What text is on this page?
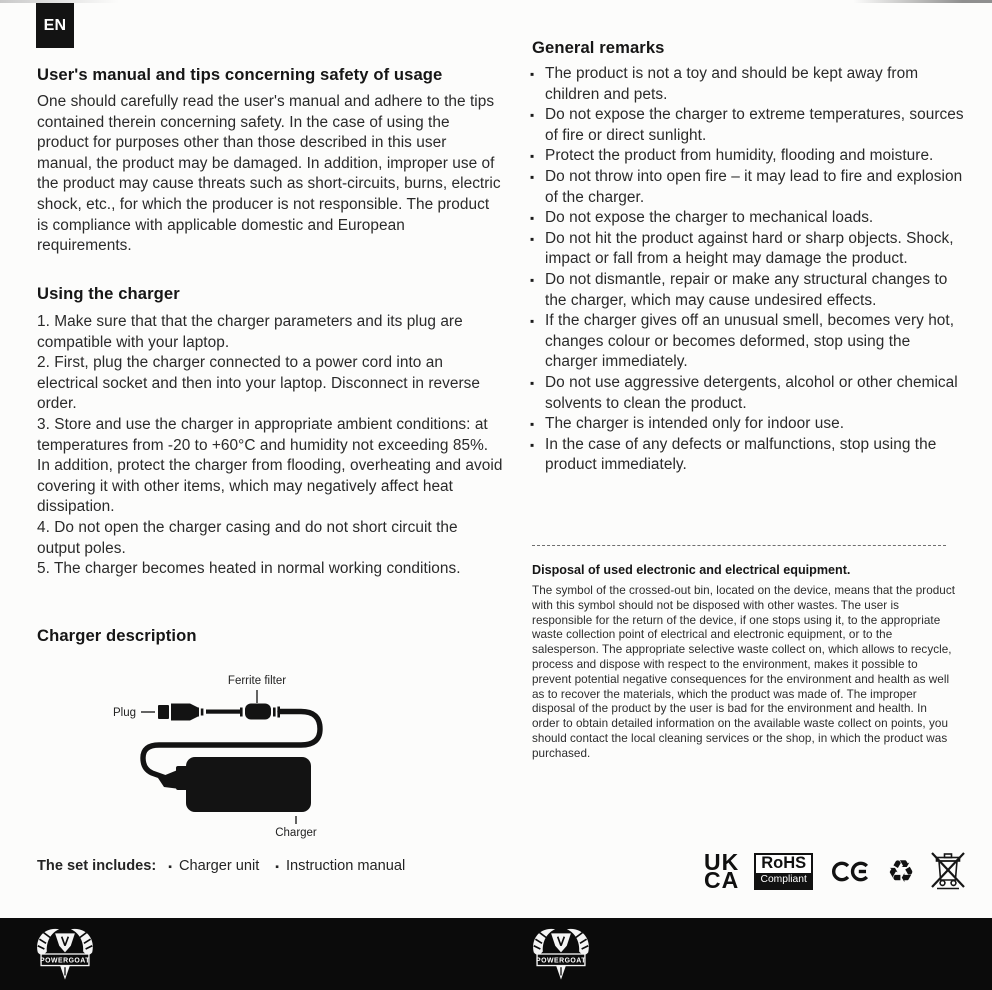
EN
User's manual and tips concerning safety of usage

One should carefully read the user's manual and adhere to the tips contained therein concerning safety. In the case of using the product for purposes other than those described in this user manual, the product may be damaged. In addition, improper use of the product may cause threats such as short-circuits, burns, electric shock, etc., for which the producer is not responsible. The product is compliance with applicable domestic and European requirements.

Using the charger

1. Make sure that that the charger parameters and its plug are compatible with your laptop.

2. First, plug the charger connected to a power cord into an electrical socket and then into your laptop. Disconnect in reverse order.

3. Store and use the charger in appropriate ambient conditions: at temperatures from -20 to +60°C and humidity not exceeding 85%. In addition, protect the charger from flooding, overheating and avoid covering it with other items, which may negatively affect heat dissipation.

4. Do not open the charger casing and do not short circuit the output poles.

5. The charger becomes heated in normal working conditions.

Charger description
Ferrite filter
Plug
Charger
The set includes: ▪ Charger unit ▪ Instruction manual
General remarks
▪ The product is not a toy and should be kept away from children and pets.
▪ Do not expose the charger to extreme temperatures, sources of fire or direct sunlight.
▪ Protect the product from humidity, flooding and moisture.
▪ Do not throw into open fire – it may lead to fire and explosion of the charger.
▪ Do not expose the charger to mechanical loads.
▪ Do not hit the product against hard or sharp objects. Shock, impact or fall from a height may damage the product.
▪ Do not dismantle, repair or make any structural changes to the charger, which may cause undesired effects.
▪ If the charger gives off an unusual smell, becomes very hot, changes colour or becomes deformed, stop using the charger immediately.
▪ Do not use aggressive detergents, alcohol or other chemical solvents to clean the product.
▪ The charger is intended only for indoor use.
▪ In the case of any defects or malfunctions, stop using the product immediately.
Disposal of used electronic and electrical equipment.

The symbol of the crossed-out bin, located on the device, means that the product with this symbol should not be disposed with other wastes. The user is responsible for the return of the device, if one stops using it, to the appropriate waste collection point of electrical and electronic equipment, or to the salesperson. The appropriate selective waste collect on, which allows to recycle, process and dispose with respect to the environment, makes it possible to prevent potential negative consequences for the environment and health as well as to recover the materials, which the product was made of. The improper disposal of the product by the user is bad for the environment and health. In order to obtain detailed information on the available waste collect on points, you should contact the local cleaning services or the shop, in which the product was purchased.

UK
CA
RoHS
Compliant	♻
POWERGOAT	POWERGOAT
